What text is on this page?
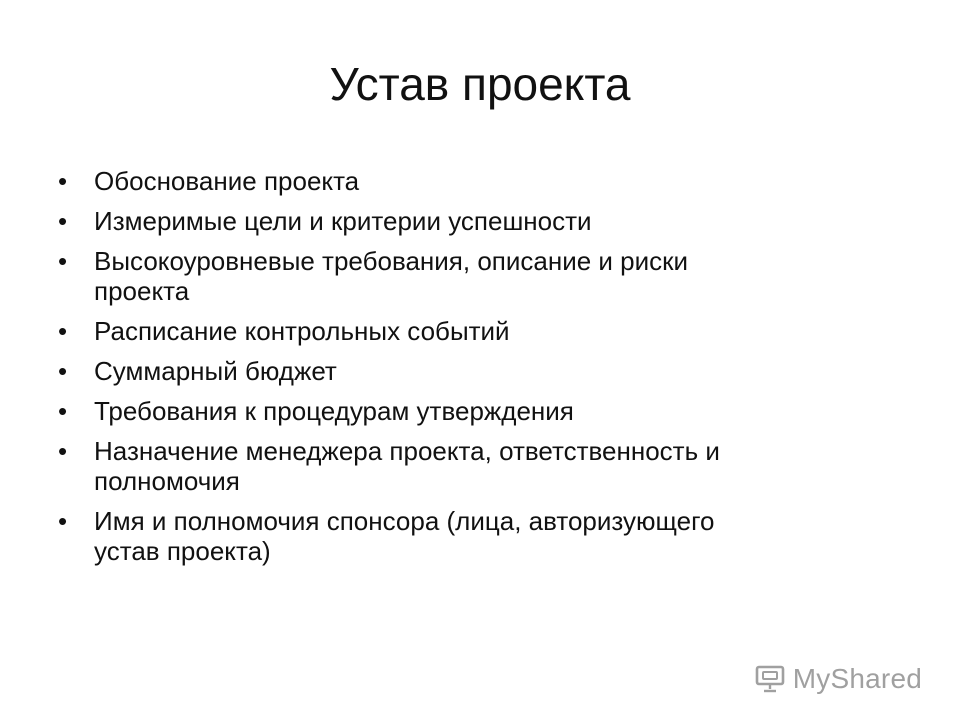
Устав проекта
•	Обоснование проекта
•	Измеримые цели и критерии успешности
•	Высокоуровневые требования, описание и риски
проекта
•	Расписание контрольных событий
•	Суммарный бюджет
•	Требования к процедурам утверждения
•	Назначение менеджера проекта, ответственность и
полномочия
•	Имя и полномочия спонсора (лица, авторизующего
устав проекта)
MyShared
